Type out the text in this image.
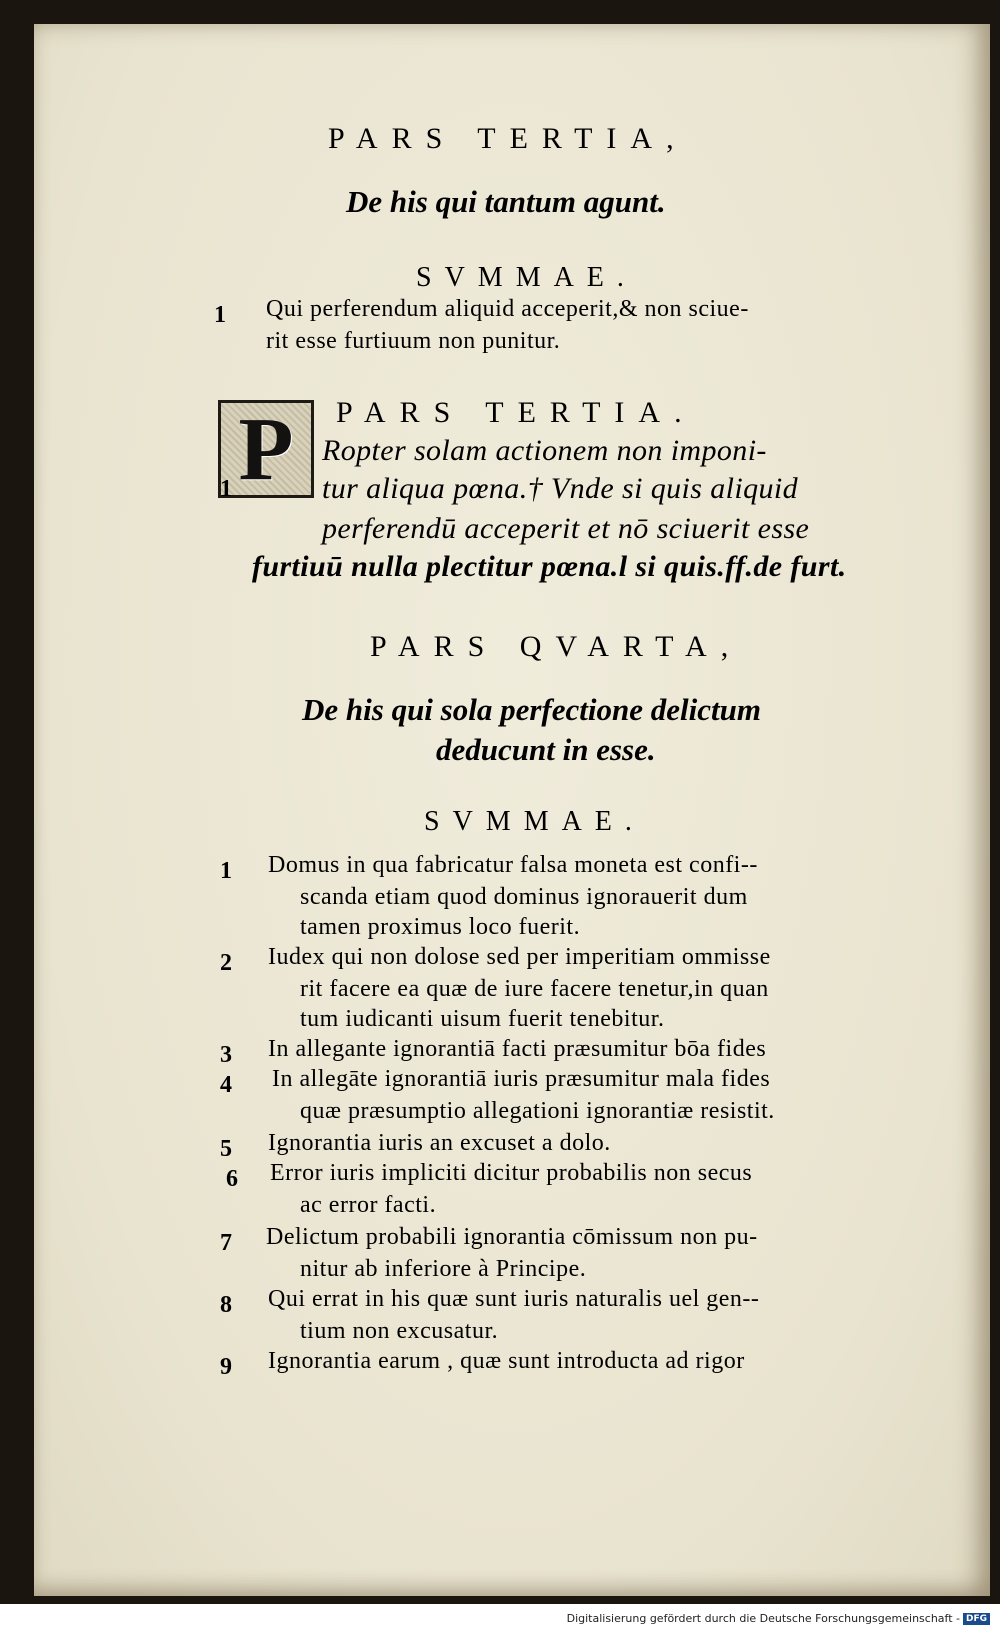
PARS TERTIA,
De his qui tantum agunt.
SVMMAE.
1 Qui perferendum aliquid acceperit,& non sciue-
rit esse furtiuum non punitur.
PARS TERTIA.
P
1
Ropter solam actionem non imponi-
tur aliqua pœna.† Vnde si quis aliquid
perferendū acceperit et nō sciuerit esse
furtiuū nulla plectitur pœna.l si quis.ff.de furt.
PARS QVARTA,
De his qui sola perfectione delictum
deducunt in esse.
SVMMAE.
1 Domus in qua fabricatur falsa moneta est confi--
scanda etiam quod dominus ignorauerit dum
tamen proximus loco fuerit.
2 Iudex qui non dolose sed per imperitiam ommisse
rit facere ea quæ de iure facere tenetur,in quan
tum iudicanti uisum fuerit tenebitur.
3 In allegante ignorantiā facti præsumitur bōa fides
4 In allegāte ignorantiā iuris præsumitur mala fides
quæ præsumptio allegationi ignorantiæ resistit.
5 Ignorantia iuris an excuset a dolo.
6 Error iuris impliciti dicitur probabilis non secus
ac error facti.
7 Delictum probabili ignorantia cōmissum non pu-
nitur ab inferiore à Principe.
8 Qui errat in his quæ sunt iuris naturalis uel gen--
tium non excusatur.
9 Ignorantia earum , quæ sunt introducta ad rigor
Digitalisierung gefördert durch die Deutsche Forschungsgemeinschaft - DFG
